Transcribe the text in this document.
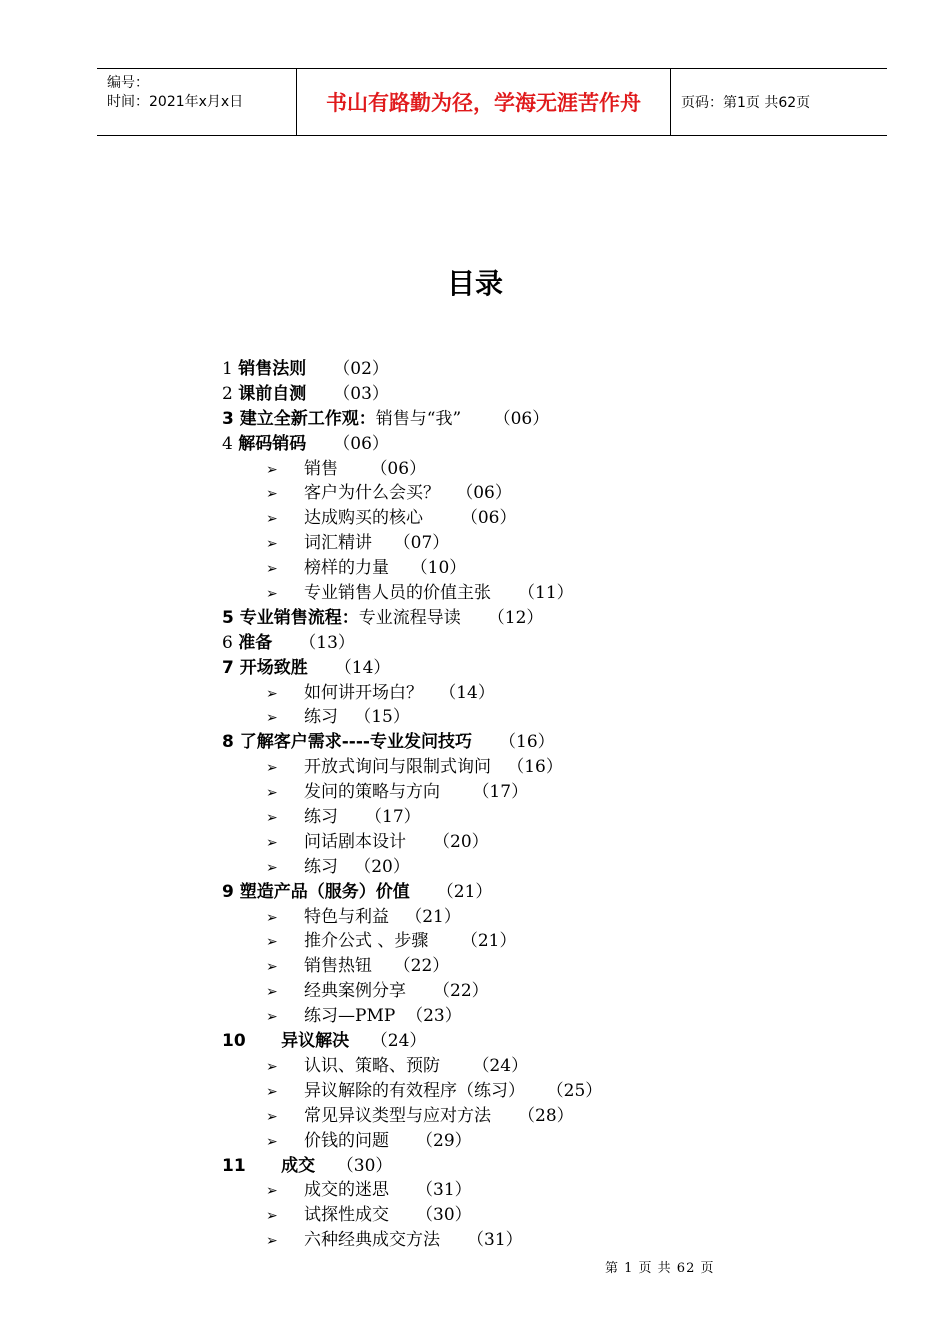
编号：
时间：2021年x月x日	书山有路勤为径，学海无涯苦作舟	页码：第1页 共62页
目录
1 销售法则 （02）
2 课前自测 （03）
3 建立全新工作观：销售与“我” （06）
4 解码销码 （06）
➢ 销售 （06）
➢ 客户为什么会买？ （06）
➢ 达成购买的核心 （06）
➢ 词汇精讲 （07）
➢ 榜样的力量 （10）
➢ 专业销售人员的价值主张 （11）
5 专业销售流程：专业流程导读 （12）
6 准备 （13）
7 开场致胜 （14）
➢ 如何讲开场白？ （14）
➢ 练习 （15）
8 了解客户需求----专业发问技巧 （16）
➢ 开放式询问与限制式询问 （16）
➢ 发问的策略与方向 （17）
➢ 练习 （17）
➢ 问话剧本设计 （20）
➢ 练习 （20）
9 塑造产品（服务）价值 （21）
➢ 特色与利益 （21）
➢ 推介公式 、步骤 （21）
➢ 销售热钮 （22）
➢ 经典案例分享 （22）
➢ 练习—PMP （23）
10      异议解决 （24）
➢ 认识、策略、预防 （24）
➢ 异议解除的有效程序（练习） （25）
➢ 常见异议类型与应对方法 （28）
➢ 价钱的问题 （29）
11      成交 （30）
➢ 成交的迷思 （31）
➢ 试探性成交 （30）
➢ 六种经典成交方法 （31）
第 1 页 共 62 页
